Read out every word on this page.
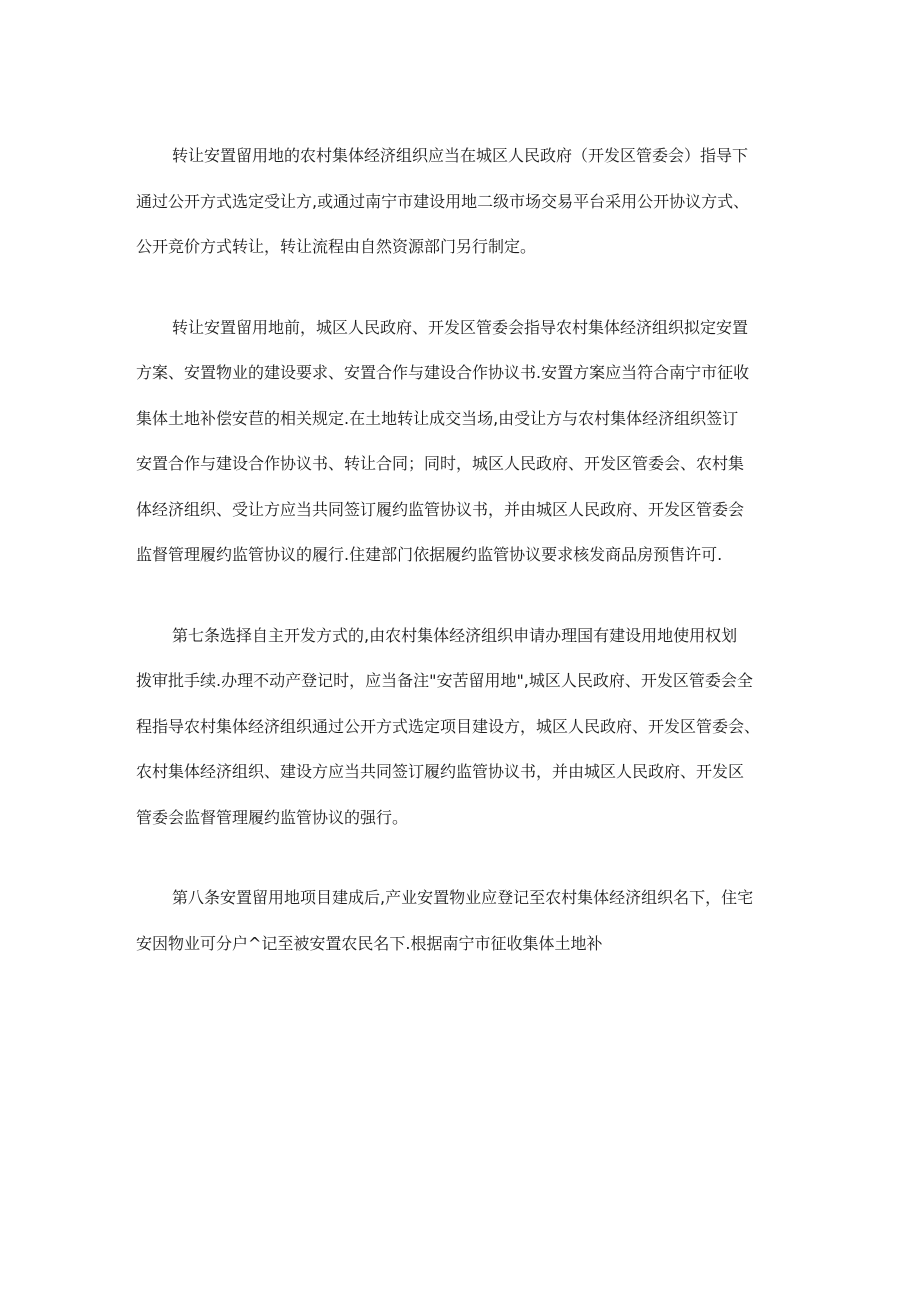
转让安置留用地的农村集体经济组织应当在城区人民政府（开发区管委会）指导下
通过公开方式选定受让方,或通过南宁市建设用地二级市场交易平台采用公开协议方式、
公开竞价方式转让，转让流程由自然资源部门另行制定。
转让安置留用地前，城区人民政府、开发区管委会指导农村集体经济组织拟定安置
方案、安置物业的建设要求、安置合作与建设合作协议书.安置方案应当符合南宁市征收
集体土地补偿安苣的相关规定.在土地转让成交当场,由受让方与农村集体经济组织签订
安置合作与建设合作协议书、转让合同；同时，城区人民政府、开发区管委会、农村集
体经济组织、受让方应当共同签订履约监管协议书，并由城区人民政府、开发区管委会
监督管理履约监管协议的履行.住建部门依据履约监管协议要求核发商品房预售许可.
第七条选择自主开发方式的,由农村集体经济组织申请办理国有建设用地使用权划
拨审批手续.办理不动产登记时，应当备注"安苦留用地",城区人民政府、开发区管委会全
程指导农村集体经济组织通过公开方式选定项目建设方，城区人民政府、开发区管委会、
农村集体经济组织、建设方应当共同签订履约监管协议书，并由城区人民政府、开发区
管委会监督管理履约监管协议的强行。
第八条安置留用地项目建成后,产业安置物业应登记至农村集体经济组织名下，住宅
安因物业可分户^记至被安置农民名下.根据南宁市征收集体土地补
